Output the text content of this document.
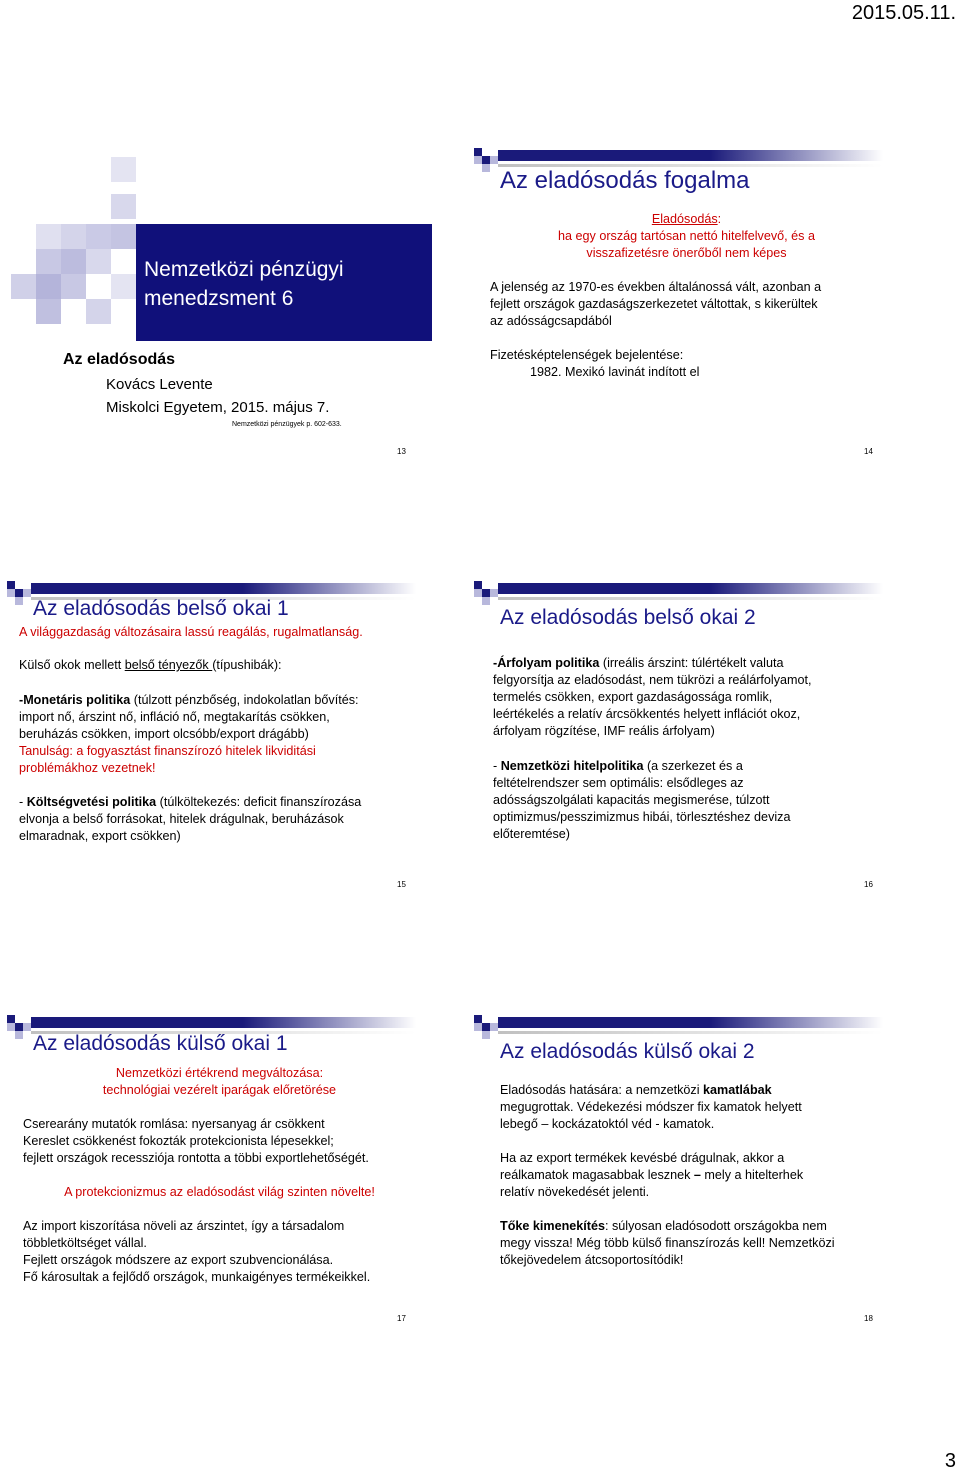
2015.05.11.
Nemzetközi pénzügyi
menedzsment 6
Az eladósodás
Kovács Levente
Miskolci Egyetem, 2015. május 7.
Nemzetközi pénzügyek p. 602-633.
13
Az eladósodás fogalma
Eladósodás:
ha egy ország tartósan nettó hitelfelvevő, és a
visszafizetésre önerőből nem képes
A jelenség az 1970-es években általánossá vált, azonban a
fejlett országok gazdaságszerkezetet váltottak, s kikerültek
az adósságcsapdából
Fizetésképtelenségek bejelentése:
1982. Mexikó lavinát indított el
14
Az eladósodás belső okai 1
A világgazdaság változásaira lassú reagálás, rugalmatlanság.
Külső okok mellett belső tényezők (típushibák):
-Monetáris politika (túlzott pénzbőség, indokolatlan bővítés:
import nő, árszint nő, infláció nő, megtakarítás csökken,
beruházás csökken, import olcsóbb/export drágább)
Tanulság: a fogyasztást finanszírozó hitelek likviditási
problémákhoz vezetnek!
- Költségvetési politika (túlköltekezés: deficit finanszírozása
elvonja a belső forrásokat, hitelek drágulnak, beruházások
elmaradnak, export csökken)
15
Az eladósodás belső okai 2
-Árfolyam politika (irreális árszint: túlértékelt valuta
felgyorsítja az eladósodást, nem tükrözi a reálárfolyamot,
termelés csökken, export gazdaságossága romlik,
leértékelés a relatív árcsökkentés helyett inflációt okoz,
árfolyam rögzítése, IMF reális árfolyam)
- Nemzetközi hitelpolitika (a szerkezet és a
feltételrendszer sem optimális: elsődleges az
adósságszolgálati kapacitás megismerése, túlzott
optimizmus/pesszimizmus hibái, törlesztéshez deviza
előteremtése)
16
Az eladósodás külső okai 1
Nemzetközi értékrend megváltozása:
technológiai vezérelt iparágak előretörése
Cserearány mutatók romlása: nyersanyag ár csökkent
Kereslet csökkenést fokozták protekcionista lépesekkel;
fejlett országok recessziója rontotta a többi exportlehetőségét.
A protekcionizmus az eladósodást világ szinten növelte!
Az import kiszorítása növeli az árszintet, így a társadalom
többletköltséget vállal.
Fejlett országok módszere az export szubvencionálása.
Fő károsultak a fejlődő országok, munkaigényes termékeikkel.
17
Az eladósodás külső okai 2
Eladósodás hatására: a nemzetközi kamatlábak
megugrottak. Védekezési módszer fix kamatok helyett
lebegő – kockázatoktól véd - kamatok.
Ha az export termékek kevésbé drágulnak, akkor a
reálkamatok magasabbak lesznek – mely a hitelterhek
relatív növekedését jelenti.
Tőke kimenekítés: súlyosan eladósodott országokba nem
megy vissza! Még több külső finanszírozás kell! Nemzetközi
tőkejövedelem átcsoportosítódik!
18
3
